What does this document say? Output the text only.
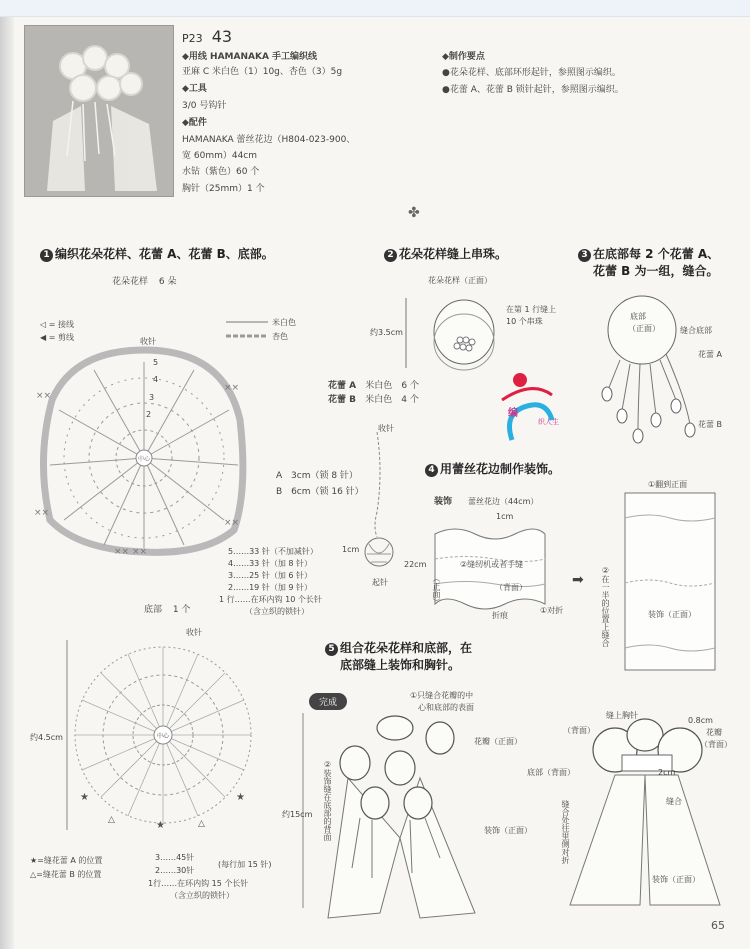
P23 43
◆用线 HAMANAKA 手工编织线
亚麻 C 米白色（1）10g、杏色（3）5g
◆工具
3/0 号钩针
◆配件
HAMANAKA 蕾丝花边（H804-023-900、
宽 60mm）44cm
水钻（紫色）60 个
胸针（25mm）1 个
◆制作要点
●花朵花样、底部环形起针，参照图示编织。
●花蕾 A、花蕾 B 锁针起针，参照图示编织。
✤
1 编织花朵花样、花蕾 A、花蕾 B、底部。
花朵花样 6 朵
◁ = 接线
◀ = 剪线
米白色
杏色
中心
××
××
××
××
×× ××
收针
5
4
3
2
5……33 针（不加减针）
4……33 针（加 8 针）
3……25 针（加 6 针）
2……19 针（加 9 针）
1 行……在环内钩 10 个长针
（含立织的锁针）
底部 1 个
收针
★	★
★
△	△
中心
约4.5cm
3……45针
2……30针
1行……在环内钩 15 个长针
（含立织的锁针）
(每行加 15 针)
★=缝花蕾 A 的位置
△=缝花蕾 B 的位置
花蕾 A 米白色 6 个
花蕾 B 米白色 4 个
收针
A 3cm（锁 8 针）
B 6cm（锁 16 针）
1cm
起针
2 花朵花样缝上串珠。
花朵花样（正面）
约3.5cm
在第 1 行缝上
10 个串珠
编
织人生
3 在底部每 2 个花蕾 A、
花蕾 B 为一组，缝合。
底部
（正面）	缝合底部
花蕾 A
花蕾 B
4 用蕾丝花边制作装饰。
装饰 蕾丝花边（44cm）
1cm
22cm
（正面）
②缝纫机或者手缝
（背面）
折痕
①对折
➡
①翻到正面
②在一半的位置上缝合	装饰（正面）
5 组合花朵花样和底部，在
底部缝上装饰和胸针。
完成
①只缝合花瓣的中
心和底部的表面
花瓣（正面）
②装饰缝在底部的背面
约15cm
装饰（正面）
缝上胸针
0.8cm
（背面）	花瓣
（背面）
底部（背面）	2cm
缝合
缝合处往里侧对折
装饰（正面）
65
